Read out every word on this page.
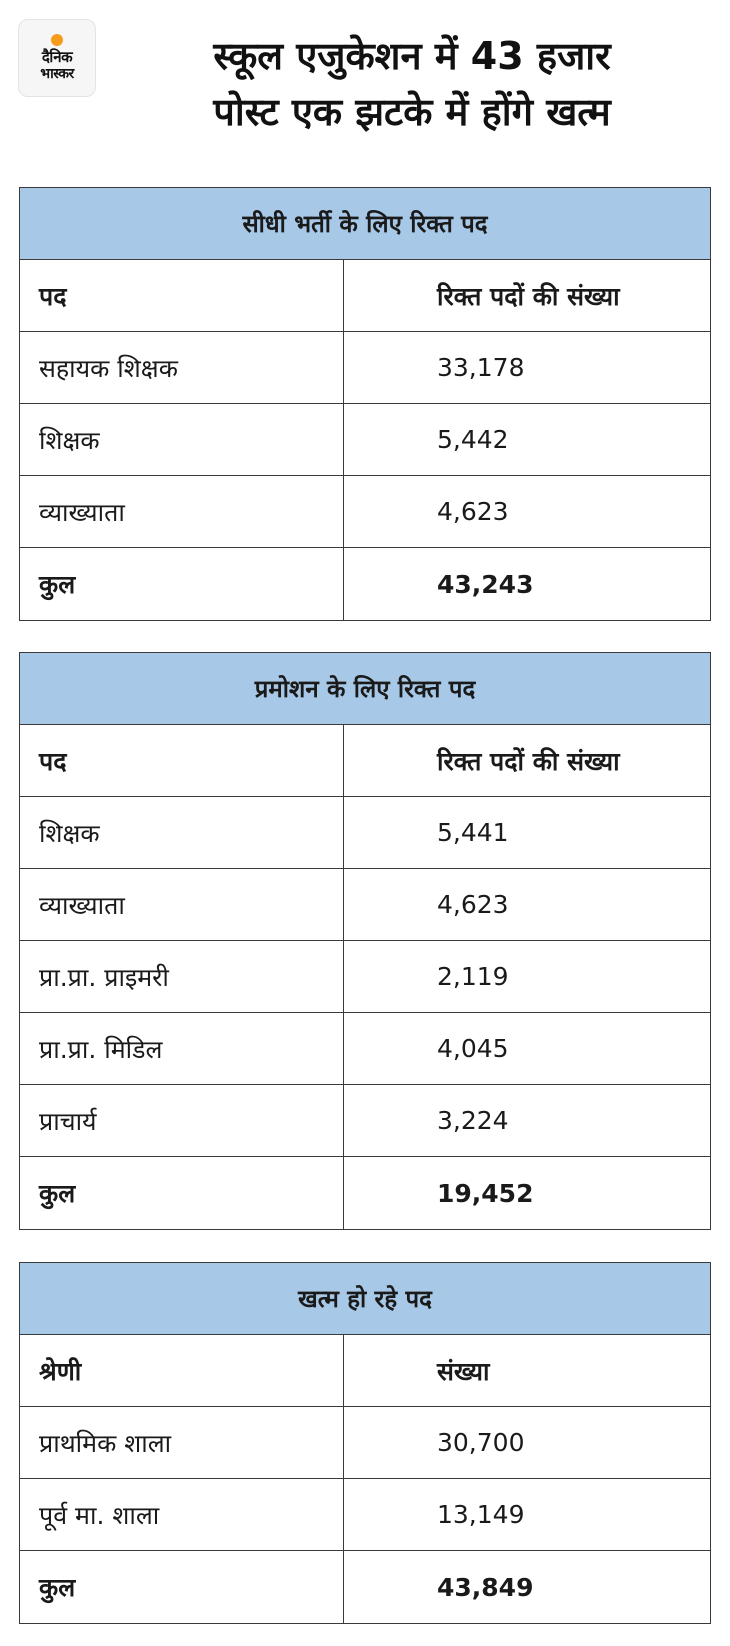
दैनिक
भास्कर	स्कूल एजुकेशन में 43 हजार
पोस्ट एक झटके में होंगे खत्म
सीधी भर्ती के लिए रिक्त पद
पद	रिक्त पदों की संख्या
सहायक शिक्षक	33,178
शिक्षक	5,442
व्याख्याता	4,623
कुल	43,243
प्रमोशन के लिए रिक्त पद
पद	रिक्त पदों की संख्या
शिक्षक	5,441
व्याख्याता	4,623
प्रा.प्रा. प्राइमरी	2,119
प्रा.प्रा. मिडिल	4,045
प्राचार्य	3,224
कुल	19,452
खत्म हो रहे पद
श्रेणी	संख्या
प्राथमिक शाला	30,700
पूर्व मा. शाला	13,149
कुल	43,849
